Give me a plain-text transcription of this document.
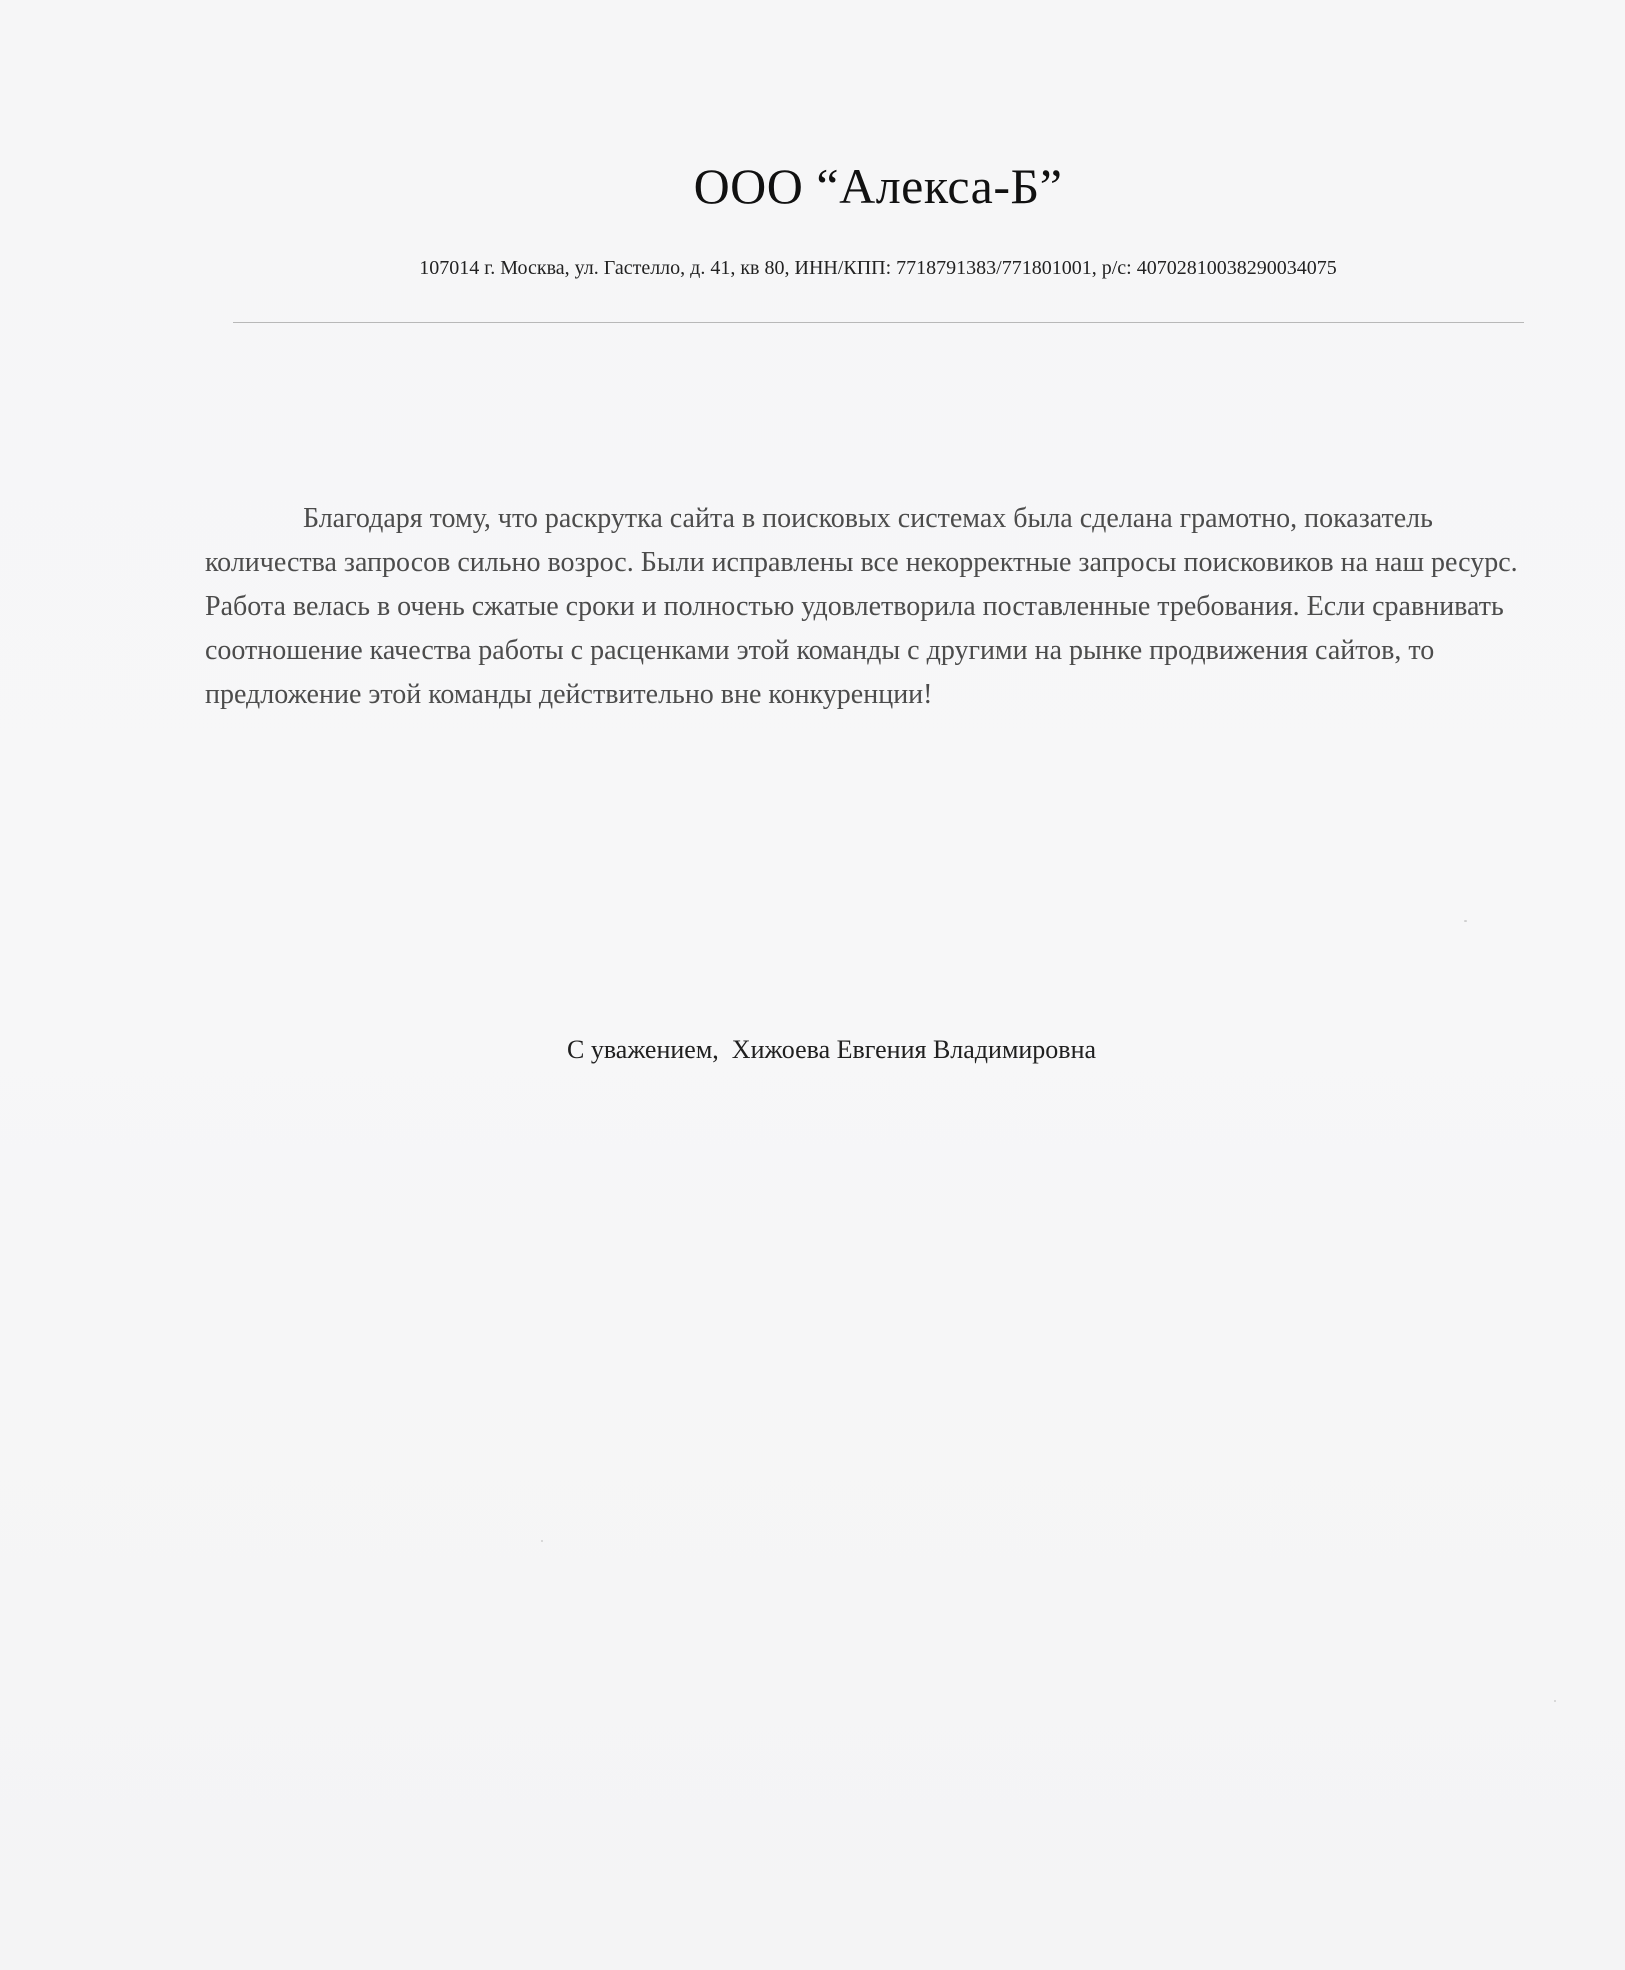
ООО “Алекса-Б”
107014 г. Москва, ул. Гастелло, д. 41, кв 80, ИНН/КПП: 7718791383/771801001, р/с: 40702810038290034075

Благодаря тому, что раскрутка сайта в поисковых системах была сделана грамотно, показатель количества запросов сильно возрос. Были исправлены все некорректные запросы поисковиков на наш ресурс. Работа велась в очень сжатые сроки и полностью удовлетворила поставленные требования. Если сравнивать соотношение качества работы с расценками этой команды с другими на рынке продвижения сайтов, то предложение этой команды действительно вне конкуренции!

С уважением,  Хижоева Евгения Владимировна
